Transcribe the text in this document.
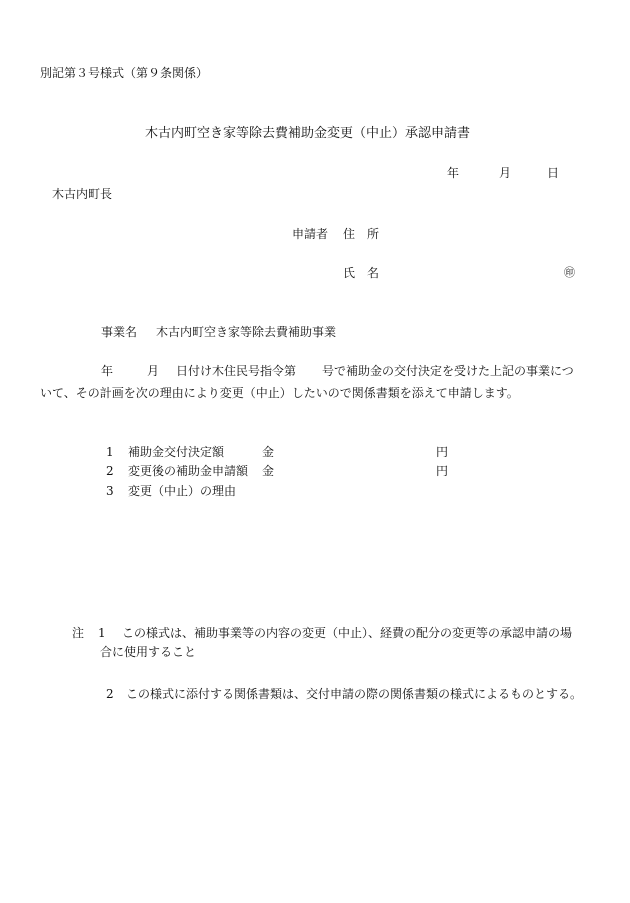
別記第３号様式（第９条関係）
木古内町空き家等除去費補助金変更（中止）承認申請書
年	月	日
木古内町長
申請者 住　所
氏　名	㊞
事業名 木古内町空き家等除去費補助事業
年	月 日付け木住民号指令第 号で補助金の交付決定を受けた上記の事業につ
いて、その計画を次の理由により変更（中止）したいので関係書類を添えて申請します。
1 補助金交付決定額	金	円
2 変更後の補助金申請額 金	円
3 変更（中止）の理由
注 1 この様式は、補助事業等の内容の変更（中止）、経費の配分の変更等の承認申請の場
合に使用すること
2 この様式に添付する関係書類は、交付申請の際の関係書類の様式によるものとする。
